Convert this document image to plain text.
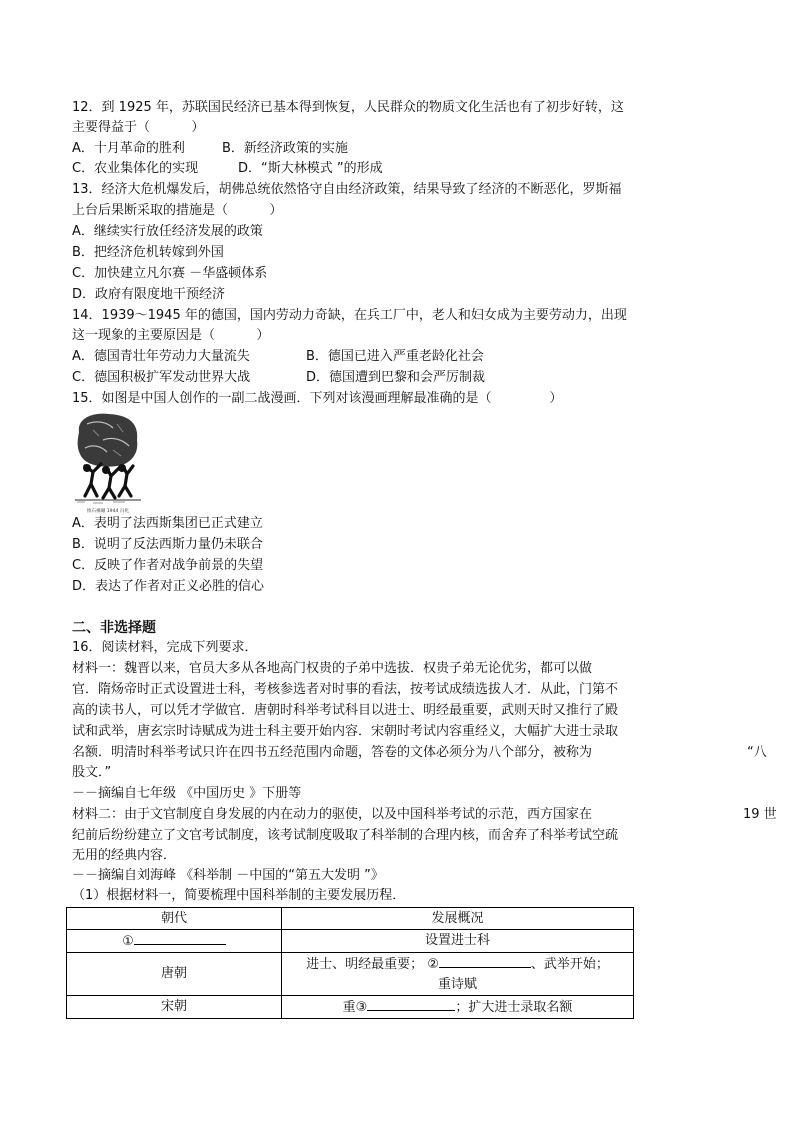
12．到 1925 年，苏联国民经济已基本得到恢复，人民群众的物质文化生活也有了初步好转，这
主要得益于（          ）
A．十月革命的胜利	B．新经济政策的实施
C．农业集体化的实现	D．“斯大林模式 ”的形成
13．经济大危机爆发后，胡佛总统依然恪守自由经济政策，结果导致了经济的不断恶化，罗斯福
上台后果断采取的措施是（          ）
A．继续实行放任经济发展的政策
B．把经济危机转嫁到外国
C．加快建立凡尔赛 －华盛顿体系
D．政府有限度地干预经济
14．1939～1945 年的德国，国内劳动力奇缺，在兵工厂中，老人和妇女成为主要劳动力，出现
这一现象的主要原因是（          ）
A．德国青壮年劳动力大量流失	B．德国已进入严重老龄化社会
C．德国积极扩军发动世界大战	D．德国遭到巴黎和会严厉制裁
15．如图是中国人创作的一副二战漫画．下列对该漫画理解最准确的是（              ）
推石捶碾 1944 冯化
A．表明了法西斯集团已正式建立
B．说明了反法西斯力量仍未联合
C．反映了作者对战争前景的失望
D．表达了作者对正义必胜的信心
二、非选择题
16．阅读材料，完成下列要求．
材料一：魏晋以来，官员大多从各地高门权贵的子弟中选拔．权贵子弟无论优劣，都可以做
官．隋炀帝时正式设置进士科，考核参选者对时事的看法，按考试成绩选拔人才．从此，门第不
高的读书人，可以凭才学做官．唐朝时科举考试科目以进士、明经最重要，武则天时又推行了殿
试和武举，唐玄宗时诗赋成为进士科主要开始内容．宋朝时考试内容重经义，大幅扩大进士录取
名额．明清时科举考试只许在四书五经范围内命题，答卷的文体必须分为八个部分，被称为	“八
股文．”
－－摘编自七年级 《中国历史 》下册等
材料二：由于文官制度自身发展的内在动力的驱使，以及中国科举考试的示范，西方国家在	19 世
纪前后纷纷建立了文官考试制度，该考试制度吸取了科举制的合理内核，而舍弃了科举考试空疏
无用的经典内容．
－－摘编自刘海峰 《科举制 －中国的“第五大发明 ”》
（1）根据材料一，简要梳理中国科举制的主要发展历程．
朝代	发展概况
①	设置进士科
唐朝	进士、明经最重要； ② 、武举开始；
重诗赋

宋朝	重③ ；扩大进士录取名额
